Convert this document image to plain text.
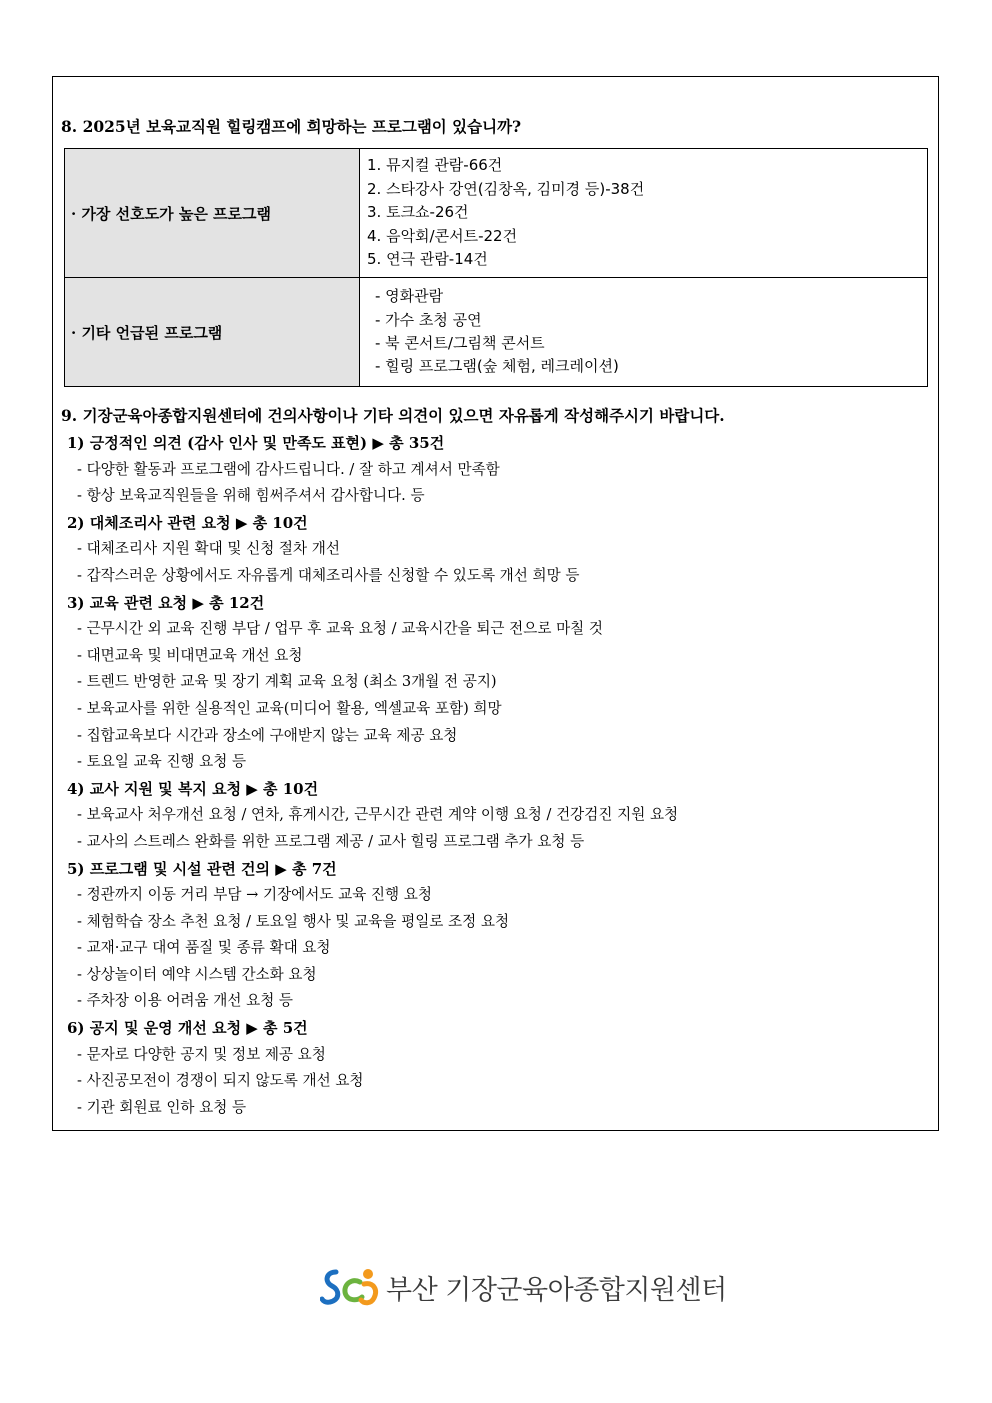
8. 2025년 보육교직원 힐링캠프에 희망하는 프로그램이 있습니까?
· 가장 선호도가 높은 프로그램	1. 뮤지컬 관람-66건
2. 스타강사 강연(김창옥, 김미경 등)-38건
3. 토크쇼-26건
4. 음악회/콘서트-22건
5. 연극 관람-14건

· 기타 언급된 프로그램	- 영화관람
- 가수 초청 공연
- 북 콘서트/그림책 콘서트
- 힐링 프로그램(숲 체험, 레크레이션)
9. 기장군육아종합지원센터에 건의사항이나 기타 의견이 있으면 자유롭게 작성해주시기 바랍니다.
1) 긍정적인 의견 (감사 인사 및 만족도 표현) ▶ 총 35건
- 다양한 활동과 프로그램에 감사드립니다. / 잘 하고 계셔서 만족함
- 항상 보육교직원들을 위해 힘써주셔서 감사합니다. 등
2) 대체조리사 관련 요청 ▶ 총 10건
- 대체조리사 지원 확대 및 신청 절차 개선
- 갑작스러운 상황에서도 자유롭게 대체조리사를 신청할 수 있도록 개선 희망 등
3) 교육 관련 요청 ▶ 총 12건
- 근무시간 외 교육 진행 부담 / 업무 후 교육 요청 / 교육시간을 퇴근 전으로 마칠 것
- 대면교육 및 비대면교육 개선 요청
- 트렌드 반영한 교육 및 장기 계획 교육 요청 (최소 3개월 전 공지)
- 보육교사를 위한 실용적인 교육(미디어 활용, 엑셀교육 포함) 희망
- 집합교육보다 시간과 장소에 구애받지 않는 교육 제공 요청
- 토요일 교육 진행 요청 등
4) 교사 지원 및 복지 요청 ▶ 총 10건
- 보육교사 처우개선 요청 / 연차, 휴게시간, 근무시간 관련 계약 이행 요청 / 건강검진 지원 요청
- 교사의 스트레스 완화를 위한 프로그램 제공 / 교사 힐링 프로그램 추가 요청 등
5) 프로그램 및 시설 관련 건의 ▶ 총 7건
- 정관까지 이동 거리 부담 → 기장에서도 교육 진행 요청
- 체험학습 장소 추천 요청 / 토요일 행사 및 교육을 평일로 조정 요청
- 교재·교구 대여 품질 및 종류 확대 요청
- 상상놀이터 예약 시스템 간소화 요청
- 주차장 이용 어려움 개선 요청 등
6) 공지 및 운영 개선 요청 ▶ 총 5건
- 문자로 다양한 공지 및 정보 제공 요청
- 사진공모전이 경쟁이 되지 않도록 개선 요청
- 기관 회원료 인하 요청 등
부산 기장군육아종합지원센터
